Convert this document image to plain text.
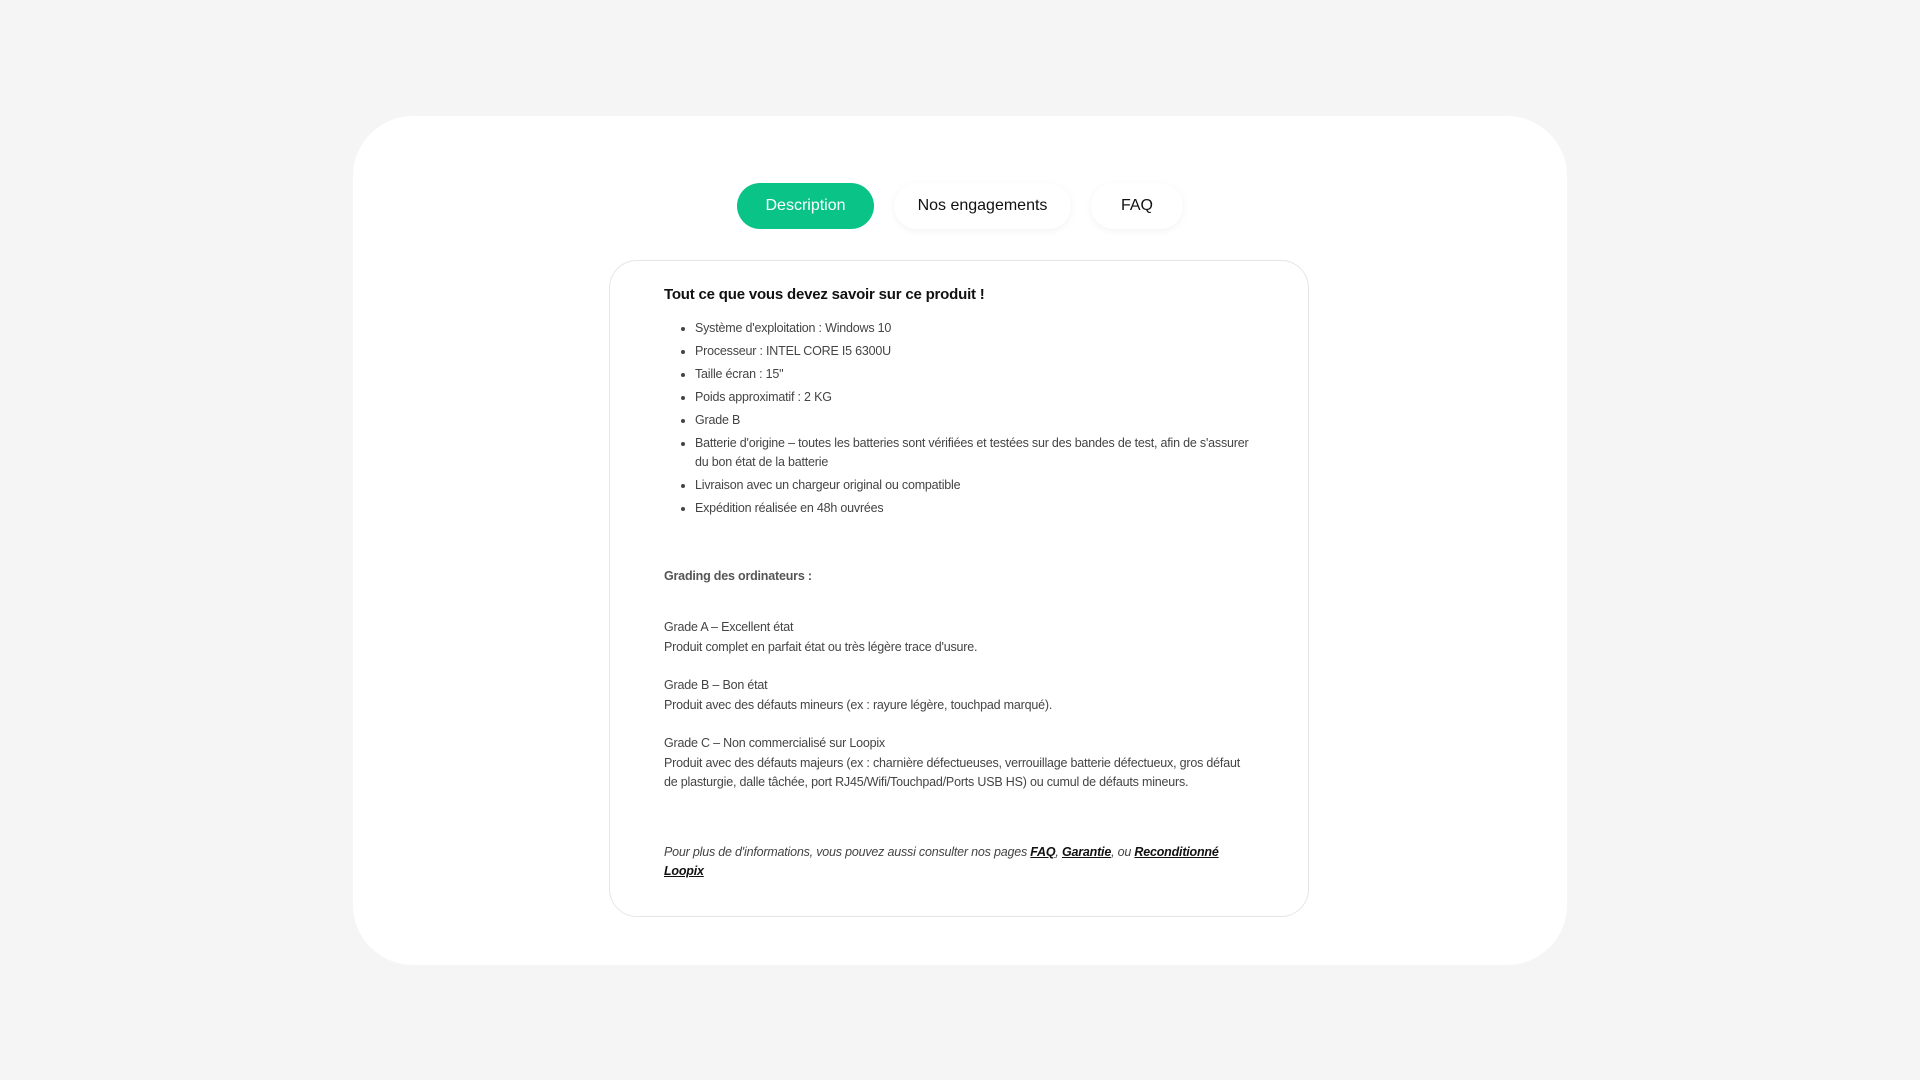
Description	Nos engagements	FAQ
Tout ce que vous devez savoir sur ce produit !
• Système d'exploitation : Windows 10
• Processeur : INTEL CORE I5 6300U
• Taille écran : 15"
• Poids approximatif : 2 KG
• Grade B
• Batterie d'origine – toutes les batteries sont vérifiées et testées sur des bandes de test, afin de s'assurer du bon état de la batterie
• Livraison avec un chargeur original ou compatible
• Expédition réalisée en 48h ouvrées

Grading des ordinateurs :

Grade A – Excellent état

Produit complet en parfait état ou très légère trace d'usure.

Grade B – Bon état

Produit avec des défauts mineurs (ex : rayure légère, touchpad marqué).

Grade C – Non commercialisé sur Loopix

Produit avec des défauts majeurs (ex : charnière défectueuses, verrouillage batterie défectueux, gros défaut de plasturgie, dalle tâchée, port RJ45/Wifi/Touchpad/Ports USB HS) ou cumul de défauts mineurs.

Pour plus de d'informations, vous pouvez aussi consulter nos pages FAQ, Garantie, ou Reconditionné Loopix
